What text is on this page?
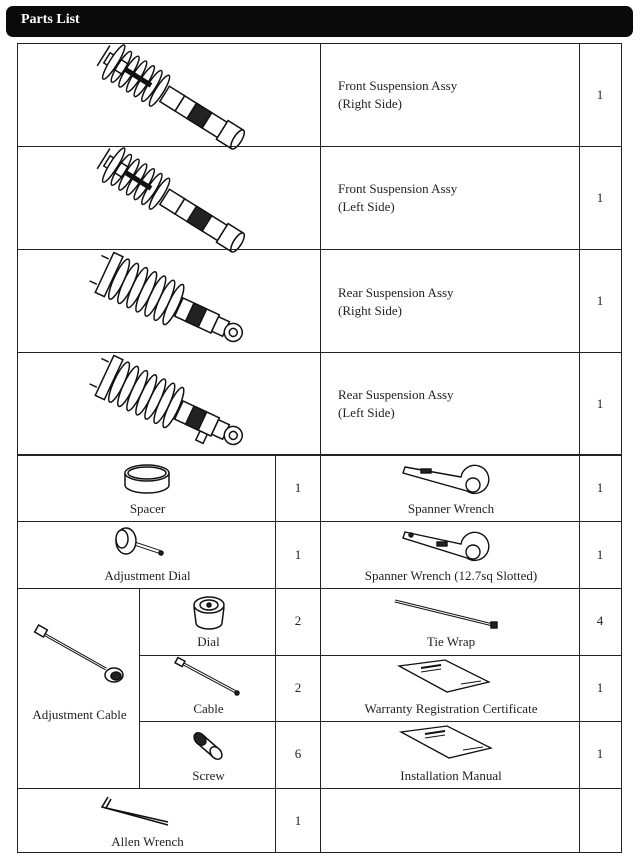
Parts List
Front Suspension Assy
(Right Side)
1
Front Suspension Assy
(Left Side)
1
Rear Suspension Assy
(Right Side)
1
Rear Suspension Assy
(Left Side)
1
Spacer
1
Spanner Wrench
1
Adjustment Dial
1
Spanner Wrench (12.7sq Slotted)
1
Adjustment Cable
Dial
2
Tie Wrap
4
Cable
2
Warranty Registration Certificate
1
Screw
6
Installation Manual
1
Allen Wrench
1
